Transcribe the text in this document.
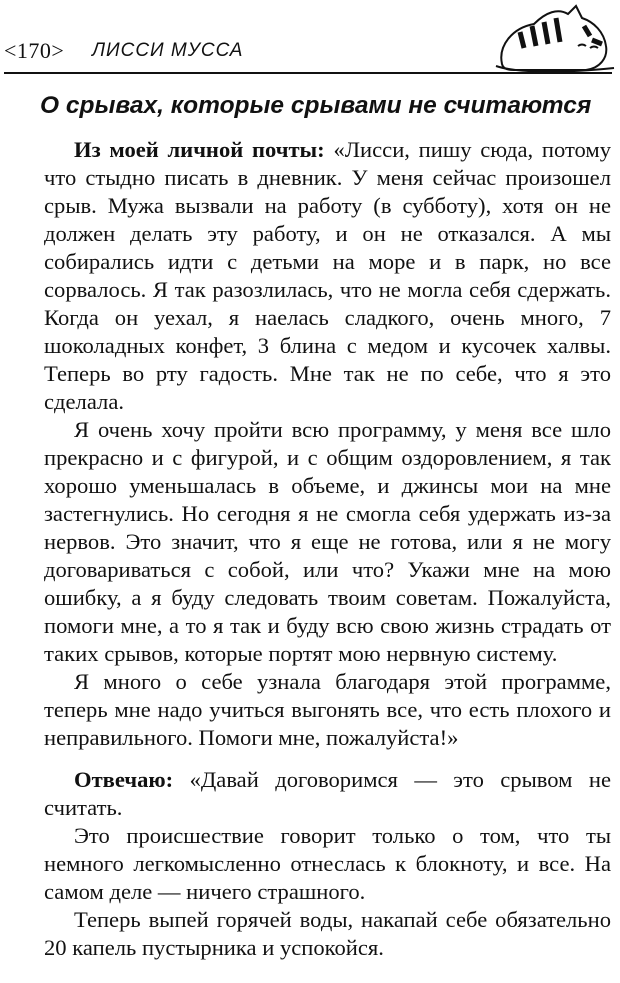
<170> ЛИССИ МУССА
О срывах, которые срывами не считаются

Из моей личной почты: «Лисси, пишу сюда, потому что стыдно писать в дневник. У меня сейчас произошел срыв. Мужа вызвали на работу (в субботу), хотя он не должен делать эту работу, и он не отказался. А мы собирались идти с детьми на море и в парк, но все сорвалось. Я так разозлилась, что не могла себя сдержать. Когда он уехал, я наелась сладкого, очень много, 7 шоколадных конфет, 3 блина с медом и кусочек халвы. Теперь во рту гадость. Мне так не по себе, что я это сделала.

Я очень хочу пройти всю программу, у меня все шло прекрасно и с фигурой, и с общим оздоровлением, я так хорошо уменьшалась в объеме, и джинсы мои на мне застегнулись. Но сегодня я не смогла себя удержать из-за нервов. Это значит, что я еще не готова, или я не могу договариваться с собой, или что? Укажи мне на мою ошибку, а я буду следовать твоим советам. Пожалуйста, помоги мне, а то я так и буду всю свою жизнь страдать от таких срывов, которые портят мою нервную систему.

Я много о себе узнала благодаря этой программе, теперь мне надо учиться выгонять все, что есть плохого и неправильного. Помоги мне, пожалуйста!»

Отвечаю: «Давай договоримся — это срывом не считать.

Это происшествие говорит только о том, что ты немного легкомысленно отнеслась к блокноту, и все. На самом деле — ничего страшного.

Теперь выпей горячей воды, накапай себе обязательно 20 капель пустырника и успокойся.
